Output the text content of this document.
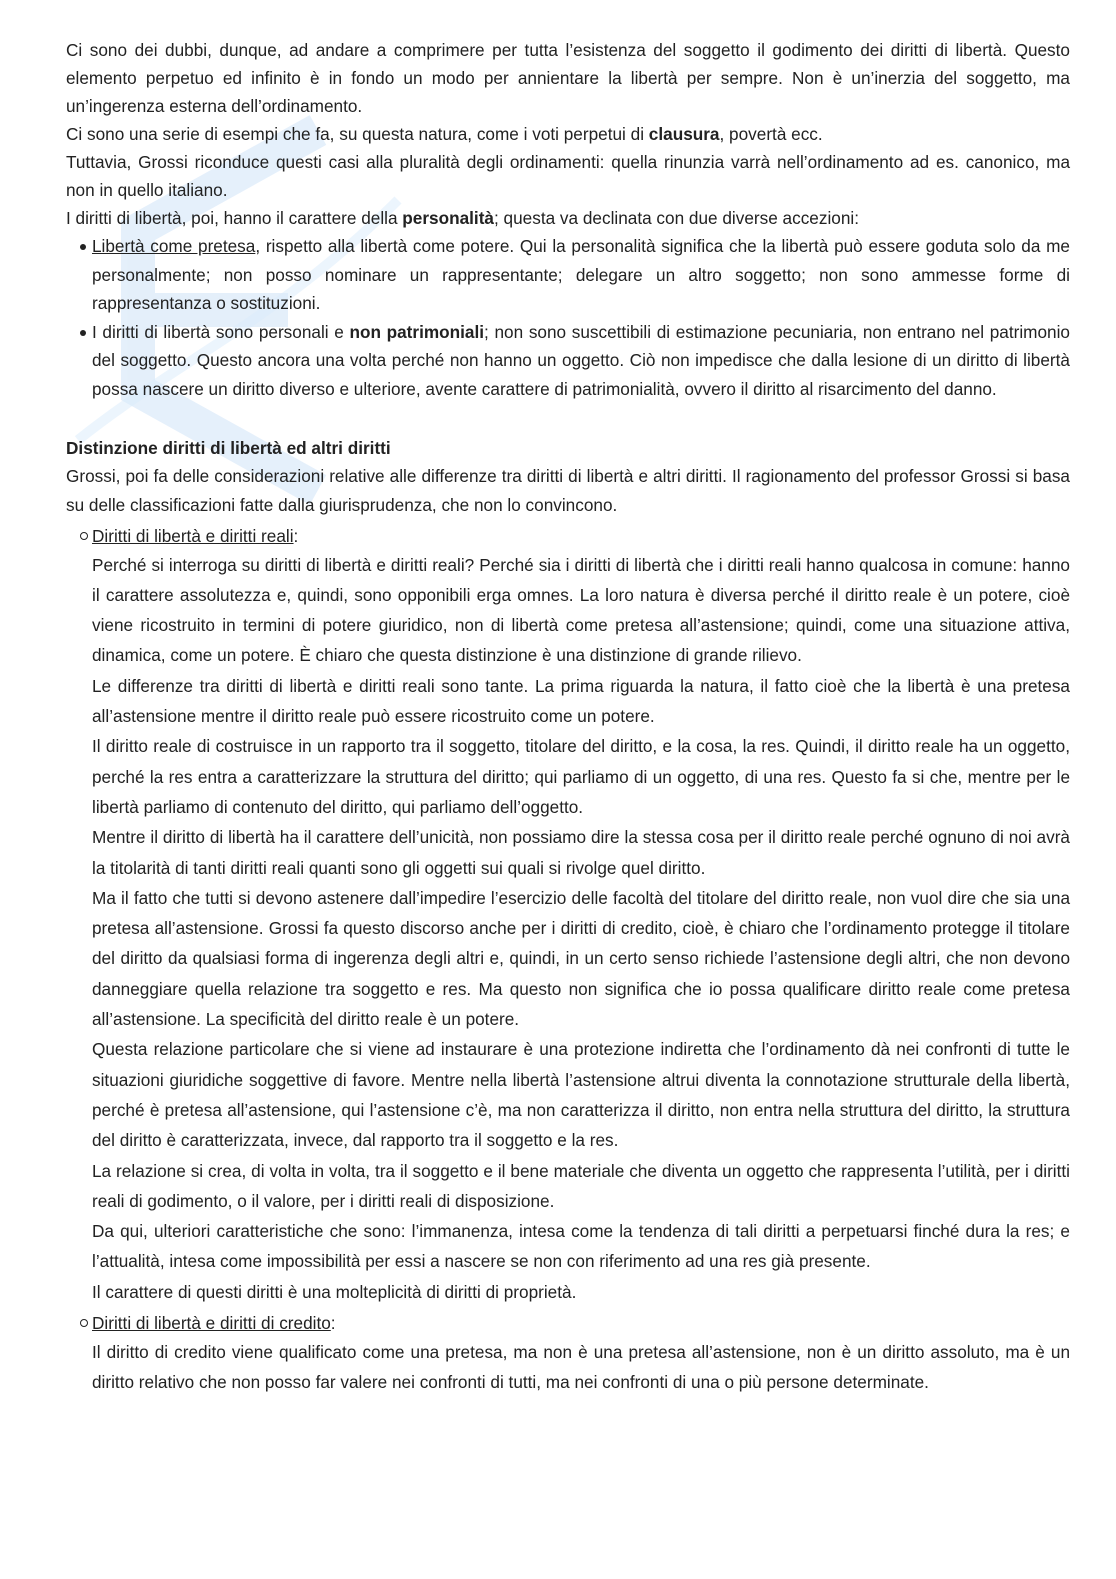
Ci sono dei dubbi, dunque, ad andare a comprimere per tutta l’esistenza del soggetto il godimento dei diritti di libertà. Questo elemento perpetuo ed infinito è in fondo un modo per annientare la libertà per sempre. Non è un’inerzia del soggetto, ma un’ingerenza esterna dell’ordinamento.

Ci sono una serie di esempi che fa, su questa natura, come i voti perpetui di clausura, povertà ecc.

Tuttavia, Grossi riconduce questi casi alla pluralità degli ordinamenti: quella rinunzia varrà nell’ordinamento ad es. canonico, ma non in quello italiano.

I diritti di libertà, poi, hanno il carattere della personalità; questa va declinata con due diverse accezioni:

Libertà come pretesa, rispetto alla libertà come potere. Qui la personalità significa che la libertà può essere goduta solo da me personalmente; non posso nominare un rappresentante; delegare un altro soggetto; non sono ammesse forme di rappresentanza o sostituzioni.
I diritti di libertà sono personali e non patrimoniali; non sono suscettibili di estimazione pecuniaria, non entrano nel patrimonio del soggetto. Questo ancora una volta perché non hanno un oggetto. Ciò non impedisce che dalla lesione di un diritto di libertà possa nascere un diritto diverso e ulteriore, avente carattere di patrimonialità, ovvero il diritto al risarcimento del danno.

Distinzione diritti di libertà ed altri diritti

Grossi, poi fa delle considerazioni relative alle differenze tra diritti di libertà e altri diritti. Il ragionamento del professor Grossi si basa su delle classificazioni fatte dalla giurisprudenza, che non lo convincono.

Diritti di libertà e diritti reali:

Perché si interroga su diritti di libertà e diritti reali? Perché sia i diritti di libertà che i diritti reali hanno qualcosa in comune: hanno il carattere assolutezza e, quindi, sono opponibili erga omnes. La loro natura è diversa perché il diritto reale è un potere, cioè viene ricostruito in termini di potere giuridico, non di libertà come pretesa all’astensione; quindi, come una situazione attiva, dinamica, come un potere. È chiaro che questa distinzione è una distinzione di grande rilievo.

Le differenze tra diritti di libertà e diritti reali sono tante. La prima riguarda la natura, il fatto cioè che la libertà è una pretesa all’astensione mentre il diritto reale può essere ricostruito come un potere.

Il diritto reale di costruisce in un rapporto tra il soggetto, titolare del diritto, e la cosa, la res. Quindi, il diritto reale ha un oggetto, perché la res entra a caratterizzare la struttura del diritto; qui parliamo di un oggetto, di una res. Questo fa si che, mentre per le libertà parliamo di contenuto del diritto, qui parliamo dell’oggetto.

Mentre il diritto di libertà ha il carattere dell’unicità, non possiamo dire la stessa cosa per il diritto reale perché ognuno di noi avrà la titolarità di tanti diritti reali quanti sono gli oggetti sui quali si rivolge quel diritto.

Ma il fatto che tutti si devono astenere dall’impedire l’esercizio delle facoltà del titolare del diritto reale, non vuol dire che sia una pretesa all’astensione. Grossi fa questo discorso anche per i diritti di credito, cioè, è chiaro che l’ordinamento protegge il titolare del diritto da qualsiasi forma di ingerenza degli altri e, quindi, in un certo senso richiede l’astensione degli altri, che non devono danneggiare quella relazione tra soggetto e res. Ma questo non significa che io possa qualificare diritto reale come pretesa all’astensione. La specificità del diritto reale è un potere.

Questa relazione particolare che si viene ad instaurare è una protezione indiretta che l’ordinamento dà nei confronti di tutte le situazioni giuridiche soggettive di favore. Mentre nella libertà l’astensione altrui diventa la connotazione strutturale della libertà, perché è pretesa all’astensione, qui l’astensione c’è, ma non caratterizza il diritto, non entra nella struttura del diritto, la struttura del diritto è caratterizzata, invece, dal rapporto tra il soggetto e la res.

La relazione si crea, di volta in volta, tra il soggetto e il bene materiale che diventa un oggetto che rappresenta l’utilità, per i diritti reali di godimento, o il valore, per i diritti reali di disposizione.

Da qui, ulteriori caratteristiche che sono: l’immanenza, intesa come la tendenza di tali diritti a perpetuarsi finché dura la res; e l’attualità, intesa come impossibilità per essi a nascere se non con riferimento ad una res già presente.

Il carattere di questi diritti è una molteplicità di diritti di proprietà.

Diritti di libertà e diritti di credito:

Il diritto di credito viene qualificato come una pretesa, ma non è una pretesa all’astensione, non è un diritto assoluto, ma è un diritto relativo che non posso far valere nei confronti di tutti, ma nei confronti di una o più persone determinate.
